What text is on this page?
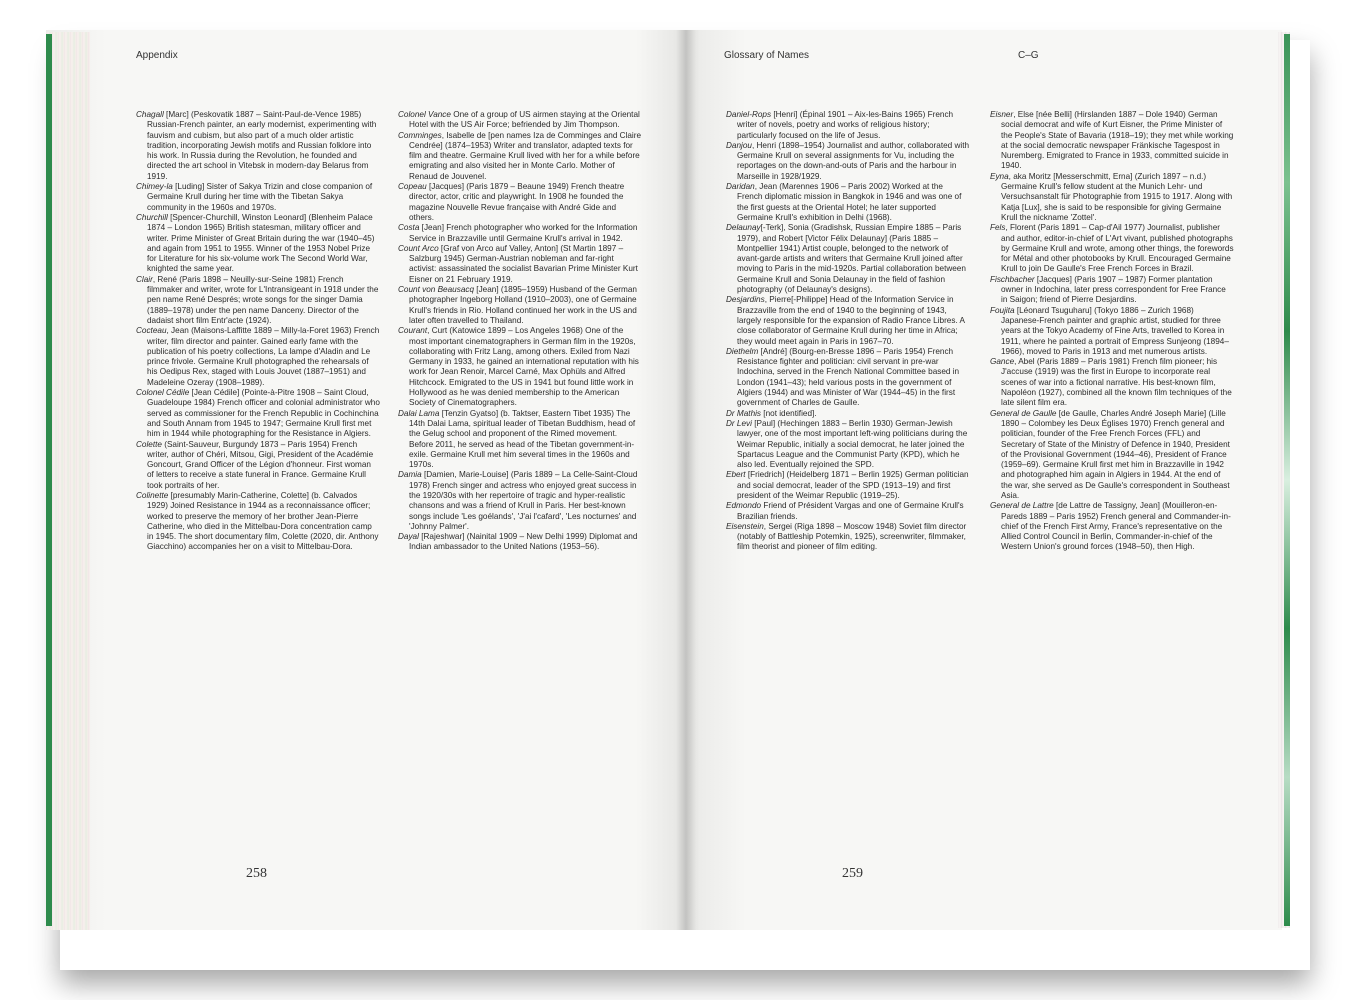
Appendix	Glossary of Names	C–G

Chagall [Marc] (Peskovatik 1887 – Saint-Paul-de-Vence 1985) Russian-French painter, an early modernist, experimenting with fauvism and cubism, but also part of a much older artistic tradition, incorporating Jewish motifs and Russian folklore into his work. In Russia during the Revolution, he founded and directed the art school in Vitebsk in modern-day Belarus from 1919.

Chimey-la [Luding] Sister of Sakya Trizin and close companion of Germaine Krull during her time with the Tibetan Sakya community in the 1960s and 1970s.

Churchill [Spencer-Churchill, Winston Leonard] (Blenheim Palace 1874 – London 1965) British statesman, military officer and writer. Prime Minister of Great Britain during the war (1940–45) and again from 1951 to 1955. Winner of the 1953 Nobel Prize for Literature for his six-volume work The Second World War, knighted the same year.

Clair, René (Paris 1898 – Neuilly-sur-Seine 1981) French filmmaker and writer, wrote for L'Intransigeant in 1918 under the pen name René Després; wrote songs for the singer Damia (1889–1978) under the pen name Danceny. Director of the dadaist short film Entr'acte (1924).

Cocteau, Jean (Maisons-Laffitte 1889 – Milly-la-Foret 1963) French writer, film director and painter. Gained early fame with the publication of his poetry collections, La lampe d'Aladin and Le prince frivole. Germaine Krull photographed the rehearsals of his Oedipus Rex, staged with Louis Jouvet (1887–1951) and Madeleine Ozeray (1908–1989).

Colonel Cédile [Jean Cédile] (Pointe-à-Pitre 1908 – Saint Cloud, Guadeloupe 1984) French officer and colonial administrator who served as commissioner for the French Republic in Cochinchina and South Annam from 1945 to 1947; Germaine Krull first met him in 1944 while photographing for the Resistance in Algiers.

Colette (Saint-Sauveur, Burgundy 1873 – Paris 1954) French writer, author of Chéri, Mitsou, Gigi, President of the Académie Goncourt, Grand Officer of the Légion d'honneur. First woman of letters to receive a state funeral in France. Germaine Krull took portraits of her.

Colinette [presumably Marin-Catherine, Colette] (b. Calvados 1929) Joined Resistance in 1944 as a reconnaissance officer; worked to preserve the memory of her brother Jean-Pierre Catherine, who died in the Mittelbau-Dora concentration camp in 1945. The short documentary film, Colette (2020, dir. Anthony Giacchino) accompanies her on a visit to Mittelbau-Dora.

Colonel Vance One of a group of US airmen staying at the Oriental Hotel with the US Air Force; befriended by Jim Thompson.

Comminges, Isabelle de [pen names Iza de Comminges and Claire Cendrée] (1874–1953) Writer and translator, adapted texts for film and theatre. Germaine Krull lived with her for a while before emigrating and also visited her in Monte Carlo. Mother of Renaud de Jouvenel.

Copeau [Jacques] (Paris 1879 – Beaune 1949) French theatre director, actor, critic and playwright. In 1908 he founded the magazine Nouvelle Revue française with André Gide and others.

Costa [Jean] French photographer who worked for the Information Service in Brazzaville until Germaine Krull's arrival in 1942.

Count Arco [Graf von Arco auf Valley, Anton] (St Martin 1897 – Salzburg 1945) German-Austrian nobleman and far-right activist: assassinated the socialist Bavarian Prime Minister Kurt Eisner on 21 February 1919.

Count von Beausacq [Jean] (1895–1959) Husband of the German photographer Ingeborg Holland (1910–2003), one of Germaine Krull's friends in Rio. Holland continued her work in the US and later often travelled to Thailand.

Courant, Curt (Katowice 1899 – Los Angeles 1968) One of the most important cinematographers in German film in the 1920s, collaborating with Fritz Lang, among others. Exiled from Nazi Germany in 1933, he gained an international reputation with his work for Jean Renoir, Marcel Carné, Max Ophüls and Alfred Hitchcock. Emigrated to the US in 1941 but found little work in Hollywood as he was denied membership to the American Society of Cinematographers.

Dalai Lama [Tenzin Gyatso] (b. Taktser, Eastern Tibet 1935) The 14th Dalai Lama, spiritual leader of Tibetan Buddhism, head of the Gelug school and proponent of the Rimed movement. Before 2011, he served as head of the Tibetan government-in-exile. Germaine Krull met him several times in the 1960s and 1970s.

Damia [Damien, Marie-Louise] (Paris 1889 – La Celle-Saint-Cloud 1978) French singer and actress who enjoyed great success in the 1920/30s with her repertoire of tragic and hyper-realistic chansons and was a friend of Krull in Paris. Her best-known songs include 'Les goélands', 'J'ai l'cafard', 'Les nocturnes' and 'Johnny Palmer'.

Dayal [Rajeshwar] (Nainital 1909 – New Delhi 1999) Diplomat and Indian ambassador to the United Nations (1953–56).

Daniel-Rops [Henri] (Épinal 1901 – Aix-les-Bains 1965) French writer of novels, poetry and works of religious history; particularly focused on the life of Jesus.

Danjou, Henri (1898–1954) Journalist and author, collaborated with Germaine Krull on several assignments for Vu, including the reportages on the down-and-outs of Paris and the harbour in Marseille in 1928/1929.

Daridan, Jean (Marennes 1906 – Paris 2002) Worked at the French diplomatic mission in Bangkok in 1946 and was one of the first guests at the Oriental Hotel; he later supported Germaine Krull's exhibition in Delhi (1968).

Delaunay[-Terk], Sonia (Gradishsk, Russian Empire 1885 – Paris 1979), and Robert [Victor Félix Delaunay] (Paris 1885 – Montpellier 1941) Artist couple, belonged to the network of avant-garde artists and writers that Germaine Krull joined after moving to Paris in the mid-1920s. Partial collaboration between Germaine Krull and Sonia Delaunay in the field of fashion photography (of Delaunay's designs).

Desjardins, Pierre[-Philippe] Head of the Information Service in Brazzaville from the end of 1940 to the beginning of 1943, largely responsible for the expansion of Radio France Libres. A close collaborator of Germaine Krull during her time in Africa; they would meet again in Paris in 1967–70.

Diethelm [André] (Bourg-en-Bresse 1896 – Paris 1954) French Resistance fighter and politician: civil servant in pre-war Indochina, served in the French National Committee based in London (1941–43); held various posts in the government of Algiers (1944) and was Minister of War (1944–45) in the first government of Charles de Gaulle.

Dr Mathis [not identified].

Dr Levi [Paul] (Hechingen 1883 – Berlin 1930) German-Jewish lawyer, one of the most important left-wing politicians during the Weimar Republic, initially a social democrat, he later joined the Spartacus League and the Communist Party (KPD), which he also led. Eventually rejoined the SPD.

Ebert [Friedrich] (Heidelberg 1871 – Berlin 1925) German politician and social democrat, leader of the SPD (1913–19) and first president of the Weimar Republic (1919–25).

Edmondo Friend of Président Vargas and one of Germaine Krull's Brazilian friends.

Eisenstein, Sergei (Riga 1898 – Moscow 1948) Soviet film director (notably of Battleship Potemkin, 1925), screenwriter, filmmaker, film theorist and pioneer of film editing.

Eisner, Else [née Belli] (Hirslanden 1887 – Dole 1940) German social democrat and wife of Kurt Eisner, the Prime Minister of the People's State of Bavaria (1918–19); they met while working at the social democratic newspaper Fränkische Tagespost in Nuremberg. Emigrated to France in 1933, committed suicide in 1940.

Eyna, aka Moritz [Messerschmitt, Erna] (Zurich 1897 – n.d.) Germaine Krull's fellow student at the Munich Lehr- und Versuchsanstalt für Photographie from 1915 to 1917. Along with Katja [Lux], she is said to be responsible for giving Germaine Krull the nickname 'Zottel'.

Fels, Florent (Paris 1891 – Cap-d'Ail 1977) Journalist, publisher and author, editor-in-chief of L'Art vivant, published photographs by Germaine Krull and wrote, among other things, the forewords for Métal and other photobooks by Krull. Encouraged Germaine Krull to join De Gaulle's Free French Forces in Brazil.

Fischbacher [Jacques] (Paris 1907 – 1987) Former plantation owner in Indochina, later press correspondent for Free France in Saigon; friend of Pierre Desjardins.

Foujita [Léonard Tsuguharu] (Tokyo 1886 – Zurich 1968) Japanese-French painter and graphic artist, studied for three years at the Tokyo Academy of Fine Arts, travelled to Korea in 1911, where he painted a portrait of Empress Sunjeong (1894–1966), moved to Paris in 1913 and met numerous artists.

Gance, Abel (Paris 1889 – Paris 1981) French film pioneer; his J'accuse (1919) was the first in Europe to incorporate real scenes of war into a fictional narrative. His best-known film, Napoléon (1927), combined all the known film techniques of the late silent film era.

General de Gaulle [de Gaulle, Charles André Joseph Marie] (Lille 1890 – Colombey les Deux Églises 1970) French general and politician, founder of the Free French Forces (FFL) and Secretary of State of the Ministry of Defence in 1940, President of the Provisional Government (1944–46), President of France (1959–69). Germaine Krull first met him in Brazzaville in 1942 and photographed him again in Algiers in 1944. At the end of the war, she served as De Gaulle's correspondent in Southeast Asia.

General de Lattre [de Lattre de Tassigny, Jean] (Mouilleron-en-Pareds 1889 – Paris 1952) French general and Commander-in-chief of the French First Army, France's representative on the Allied Control Council in Berlin, Commander-in-chief of the Western Union's ground forces (1948–50), then High.

258	259
